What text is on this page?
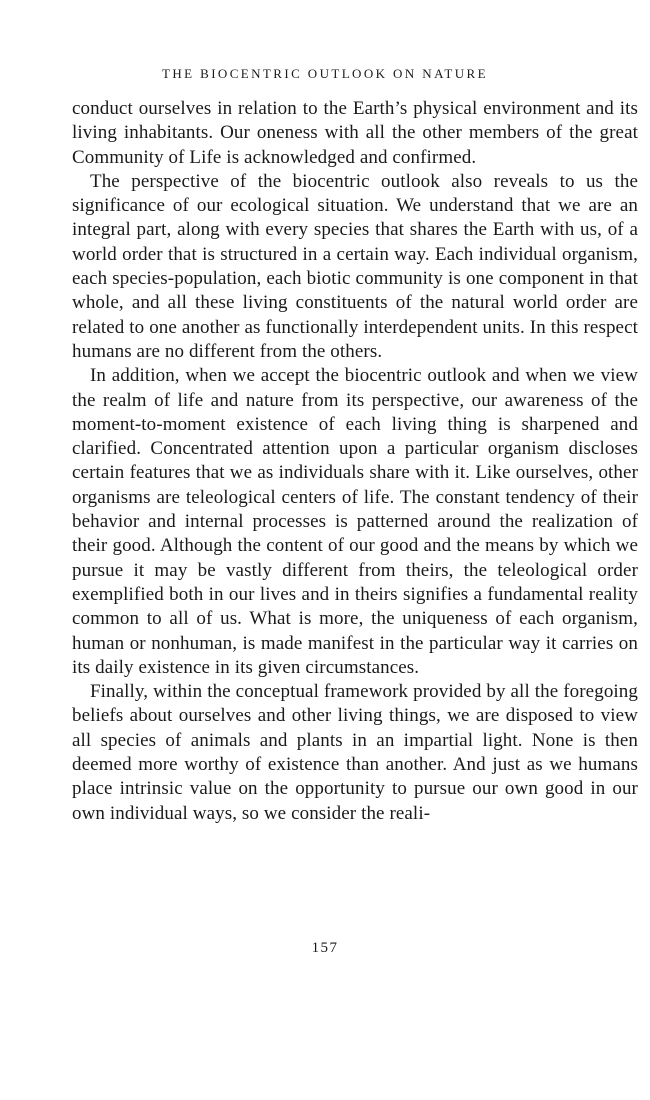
THE BIOCENTRIC OUTLOOK ON NATURE

conduct ourselves in relation to the Earth’s physical environment and its living inhabitants. Our oneness with all the other members of the great Community of Life is acknowledged and confirmed.

The perspective of the biocentric outlook also reveals to us the significance of our ecological situation. We understand that we are an integral part, along with every species that shares the Earth with us, of a world order that is structured in a certain way. Each individual organism, each species-population, each biotic community is one component in that whole, and all these living constituents of the natural world order are related to one another as functionally interdependent units. In this respect humans are no different from the others.

In addition, when we accept the biocentric outlook and when we view the realm of life and nature from its perspective, our awareness of the moment-to-moment existence of each living thing is sharpened and clarified. Concentrated attention upon a particular organism discloses certain features that we as individuals share with it. Like ourselves, other organisms are teleological centers of life. The constant tendency of their behavior and internal processes is patterned around the realization of their good. Although the content of our good and the means by which we pursue it may be vastly different from theirs, the teleological order exemplified both in our lives and in theirs signifies a fundamental reality common to all of us. What is more, the uniqueness of each organism, human or nonhuman, is made manifest in the particular way it carries on its daily existence in its given circumstances.

Finally, within the conceptual framework provided by all the foregoing beliefs about ourselves and other living things, we are disposed to view all species of animals and plants in an impartial light. None is then deemed more worthy of existence than another. And just as we humans place intrinsic value on the opportunity to pursue our own good in our own individual ways, so we consider the reali-

157
